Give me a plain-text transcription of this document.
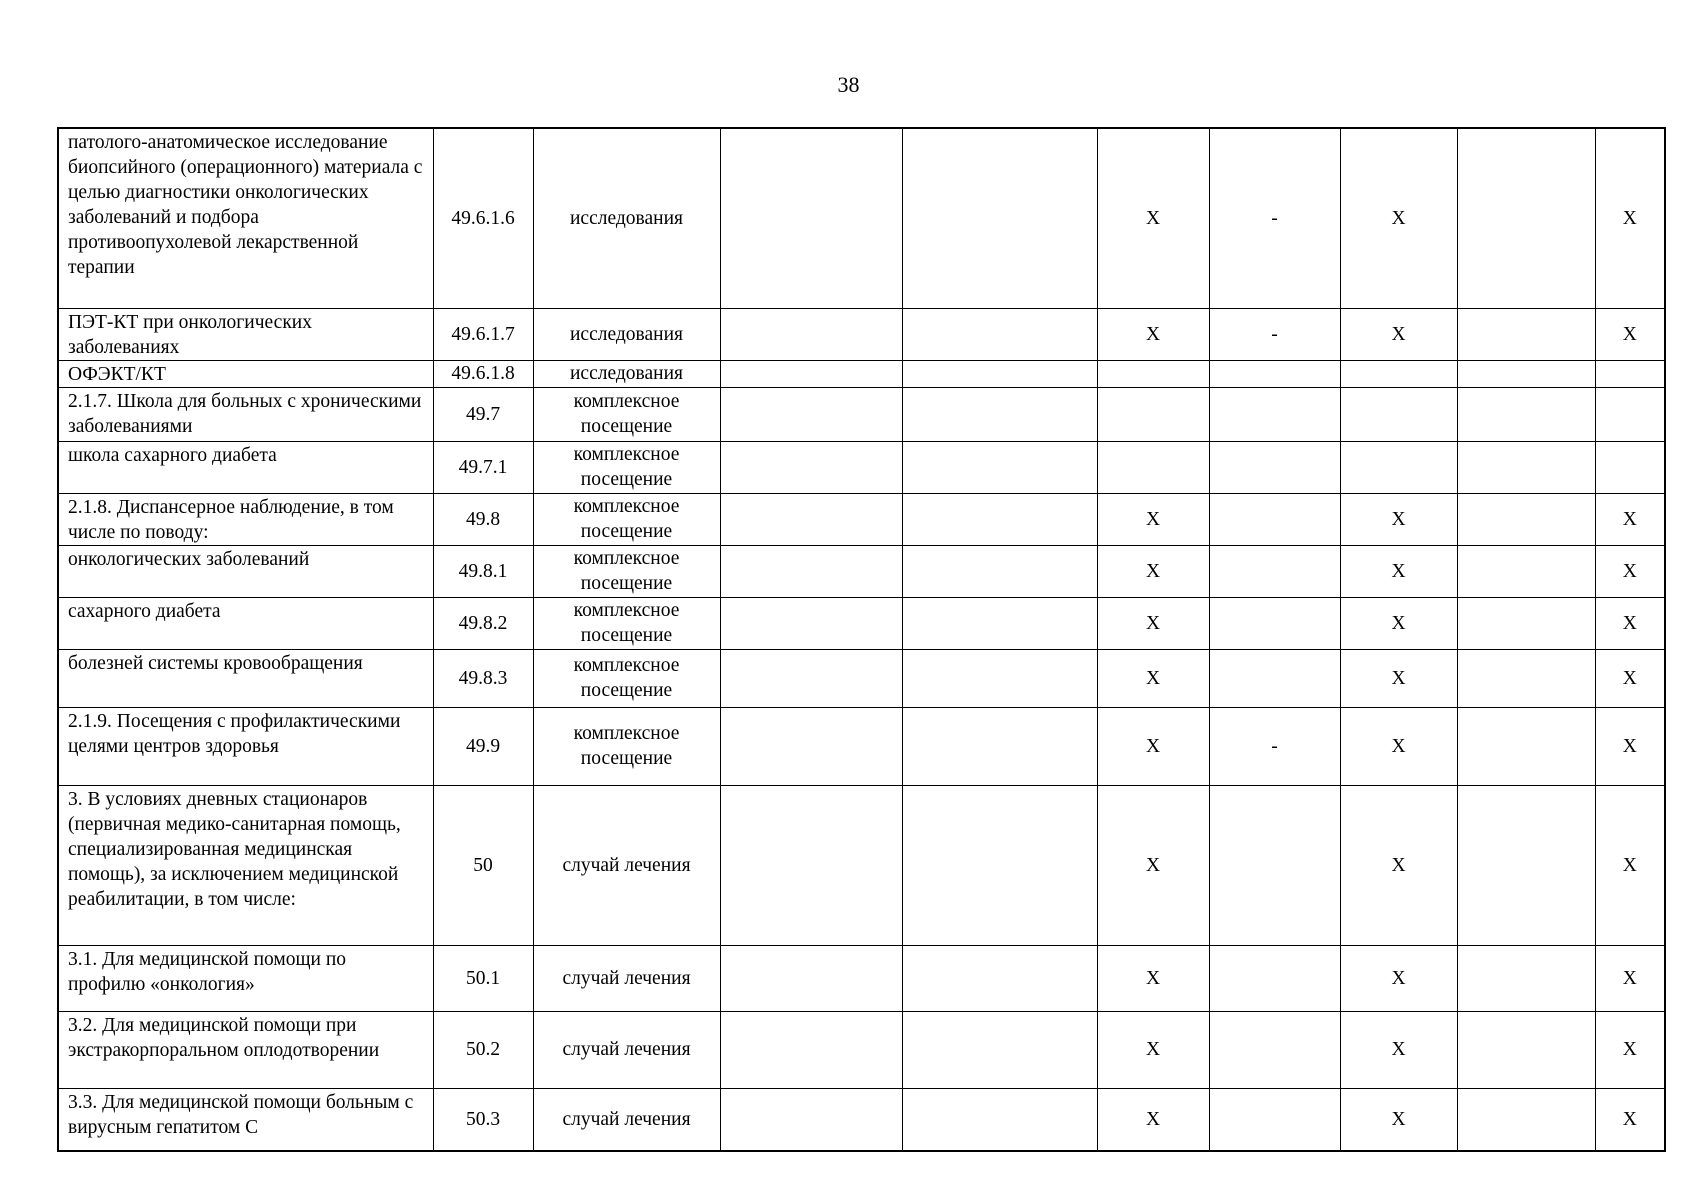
38
патолого-анатомическое исследование биопсийного (операционного) материала с целью диагностики онкологических заболеваний и подбора противоопухолевой лекарственной терапии	49.6.1.6	исследования			X	-	X		X
ПЭТ-КТ при онкологических заболеваниях	49.6.1.7	исследования			X	-	X		X
ОФЭКТ/КТ	49.6.1.8	исследования							

2.1.7. Школа для больных с хроническими заболеваниями	49.7	комплексное посещение							

школа сахарного диабета	49.7.1	комплексное посещение							

2.1.8. Диспансерное наблюдение, в том числе по поводу:	49.8	комплексное посещение			X		X		X
онкологических заболеваний	49.8.1	комплексное посещение			X		X		X
сахарного диабета	49.8.2	комплексное посещение			X		X		X
болезней системы кровообращения	49.8.3	комплексное посещение			X		X		X
2.1.9. Посещения с профилактическими целями центров здоровья	49.9	комплексное посещение			X	-	X		X
3. В условиях дневных стационаров (первичная медико-санитарная помощь, специализированная медицинская помощь), за исключением медицинской реабилитации, в том числе:	50	случай лечения			X		X		X
3.1. Для медицинской помощи по профилю «онкология»	50.1	случай лечения			X		X		X
3.2. Для медицинской помощи при экстракорпоральном оплодотворении	50.2	случай лечения			X		X		X
3.3. Для медицинской помощи больным с вирусным гепатитом С	50.3	случай лечения			X		X		X
